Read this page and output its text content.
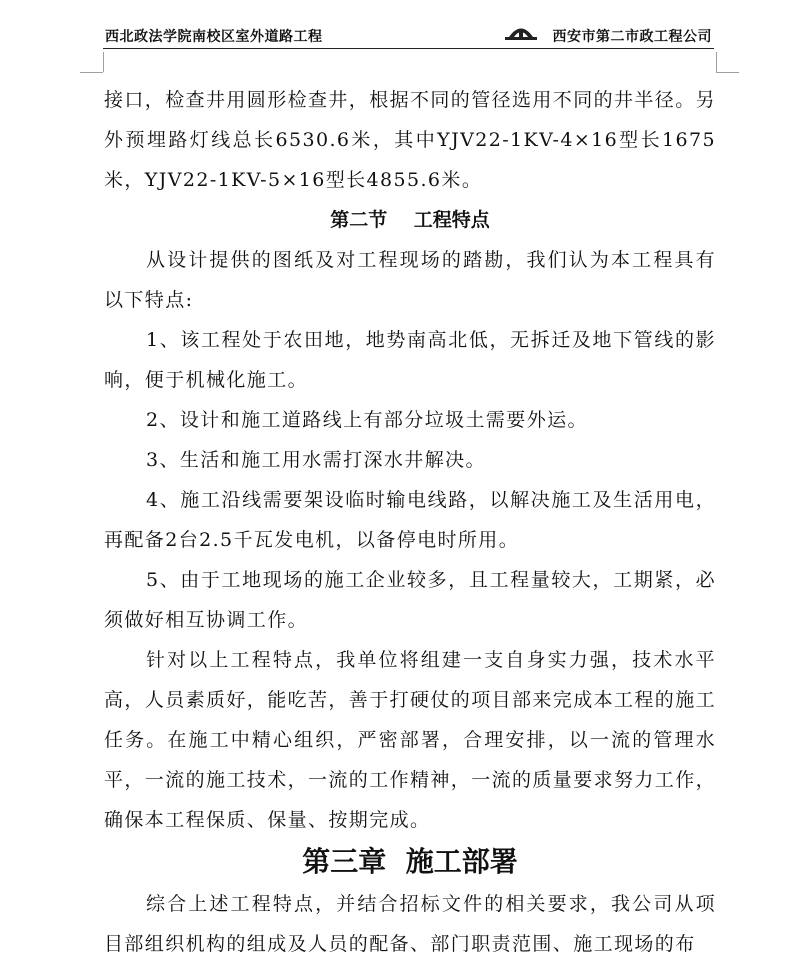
西北政法学院南校区室外道路工程	西安市第二市政工程公司

接口，检查井用圆形检查井，根据不同的管径选用不同的井半径。另外预埋路灯线总长6530.6米，其中YJV22-1KV-4×16型长1675米，YJV22-1KV-5×16型长4855.6米。

第二节    工程特点

从设计提供的图纸及对工程现场的踏勘，我们认为本工程具有以下特点:

1、该工程处于农田地，地势南高北低，无拆迁及地下管线的影响，便于机械化施工。

2、设计和施工道路线上有部分垃圾土需要外运。

3、生活和施工用水需打深水井解决。

4、施工沿线需要架设临时输电线路，以解决施工及生活用电，再配备2台2.5千瓦发电机，以备停电时所用。

5、由于工地现场的施工企业较多，且工程量较大，工期紧，必须做好相互协调工作。

针对以上工程特点，我单位将组建一支自身实力强，技术水平高，人员素质好，能吃苦，善于打硬仗的项目部来完成本工程的施工任务。在施工中精心组织，严密部署，合理安排，以一流的管理水平，一流的施工技术，一流的工作精神，一流的质量要求努力工作，确保本工程保质、保量、按期完成。

第三章  施工部署

综合上述工程特点，并结合招标文件的相关要求，我公司从项目部组织机构的组成及人员的配备、部门职责范围、施工现场的布
